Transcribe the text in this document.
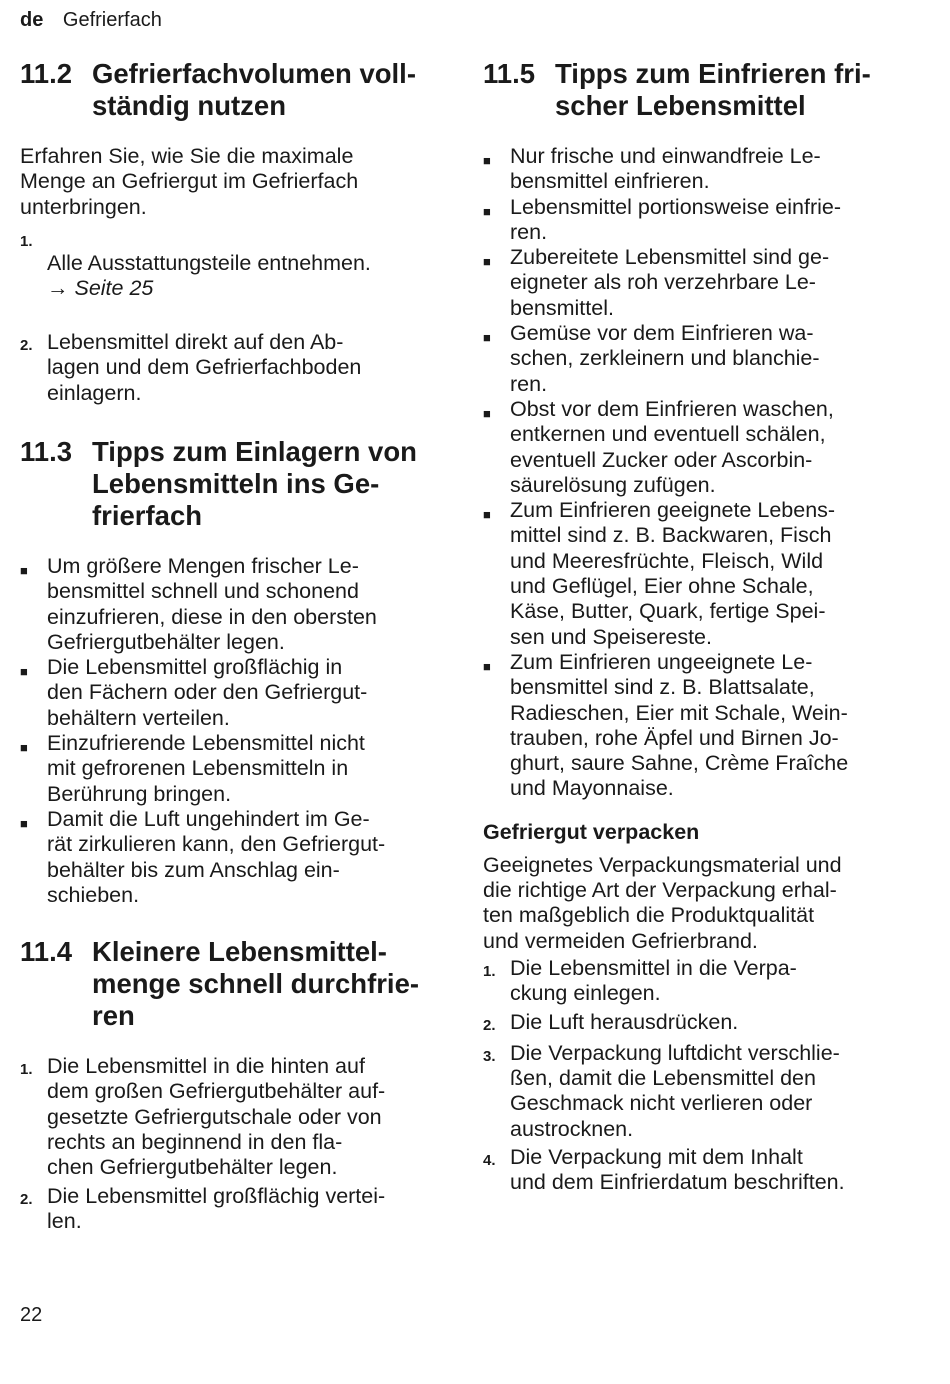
de Gefrierfach
11.2 Gefrierfachvolumen voll-
ständig nutzen

Erfahren Sie, wie Sie die maximale
Menge an Gefriergut im Gefrierfach
unterbringen.

1.

Alle Ausstattungsteile entnehmen.

→ Seite 25

2. Lebensmittel direkt auf den Ab-
lagen und dem Gefrierfachboden
einlagern.
11.3 Tipps zum Einlagern von
Lebensmitteln ins Ge-
frierfach
■ Um größere Mengen frischer Le-
bensmittel schnell und schonend
einzufrieren, diese in den obersten
Gefriergutbehälter legen.
■ Die Lebensmittel großflächig in
den Fächern oder den Gefriergut-
behältern verteilen.
■ Einzufrierende Lebensmittel nicht
mit gefrorenen Lebensmitteln in
Berührung bringen.
■ Damit die Luft ungehindert im Ge-
rät zirkulieren kann, den Gefriergut-
behälter bis zum Anschlag ein-
schieben.
11.4 Kleinere Lebensmittel-
menge schnell durchfrie-
ren
1. Die Lebensmittel in die hinten auf
dem großen Gefriergutbehälter auf-
gesetzte Gefriergutschale oder von
rechts an beginnend in den fla-
chen Gefriergutbehälter legen.
2. Die Lebensmittel großflächig vertei-
len.
11.5 Tipps zum Einfrieren fri-
scher Lebensmittel
■ Nur frische und einwandfreie Le-
bensmittel einfrieren.
■ Lebensmittel portionsweise einfrie-
ren.
■ Zubereitete Lebensmittel sind ge-
eigneter als roh verzehrbare Le-
bensmittel.
■ Gemüse vor dem Einfrieren wa-
schen, zerkleinern und blanchie-
ren.
■ Obst vor dem Einfrieren waschen,
entkernen und eventuell schälen,
eventuell Zucker oder Ascorbin-
säurelösung zufügen.
■ Zum Einfrieren geeignete Lebens-
mittel sind z. B. Backwaren, Fisch
und Meeresfrüchte, Fleisch, Wild
und Geflügel, Eier ohne Schale,
Käse, Butter, Quark, fertige Spei-
sen und Speisereste.
■ Zum Einfrieren ungeeignete Le-
bensmittel sind z. B. Blattsalate,
Radieschen, Eier mit Schale, Wein-
trauben, rohe Äpfel und Birnen Jo-
ghurt, saure Sahne, Crème Fraîche
und Mayonnaise.
Gefriergut verpacken

Geeignetes Verpackungsmaterial und
die richtige Art der Verpackung erhal-
ten maßgeblich die Produktqualität
und vermeiden Gefrierbrand.

1. Die Lebensmittel in die Verpa-
ckung einlegen.
2. Die Luft herausdrücken.
3. Die Verpackung luftdicht verschlie-
ßen, damit die Lebensmittel den
Geschmack nicht verlieren oder
austrocknen.
4. Die Verpackung mit dem Inhalt
und dem Einfrierdatum beschriften.
22
